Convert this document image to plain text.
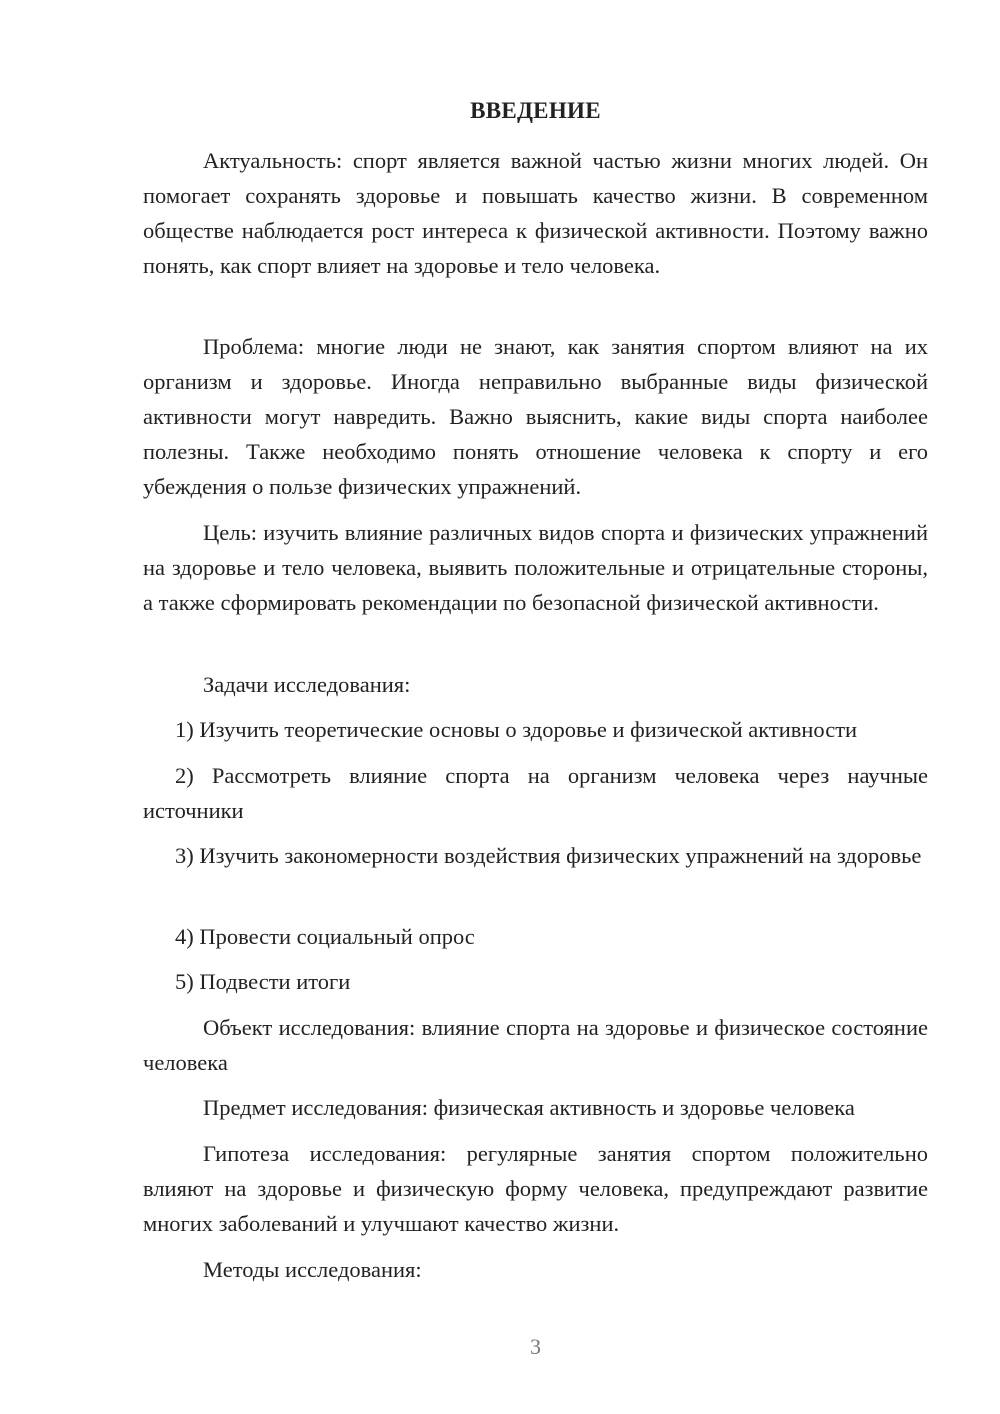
ВВЕДЕНИЕ

Актуальность: спорт является важной частью жизни многих людей. Он помогает сохранять здоровье и повышать качество жизни. В современном обществе наблюдается рост интереса к физической активности. Поэтому важно понять, как спорт влияет на здоровье и тело человека.

Проблема: многие люди не знают, как занятия спортом влияют на их организм и здоровье. Иногда неправильно выбранные виды физической активности могут навредить. Важно выяснить, какие виды спорта наиболее полезны. Также необходимо понять отношение человека к спорту и его убеждения о пользе физических упражнений.

Цель: изучить влияние различных видов спорта и физических упражнений на здоровье и тело человека, выявить положительные и отрицательные стороны, а также сформировать рекомендации по безопасной физической активности.

Задачи исследования:

1) Изучить теоретические основы о здоровье и физической активности

2) Рассмотреть влияние спорта на организм человека через научные источники

3) Изучить закономерности воздействия физических упражнений на здоровье

4) Провести социальный опрос

5) Подвести итоги

Объект исследования: влияние спорта на здоровье и физическое состояние человека

Предмет исследования: физическая активность и здоровье человека

Гипотеза исследования: регулярные занятия спортом положительно влияют на здоровье и физическую форму человека, предупреждают развитие многих заболеваний и улучшают качество жизни.

Методы исследования:

3
